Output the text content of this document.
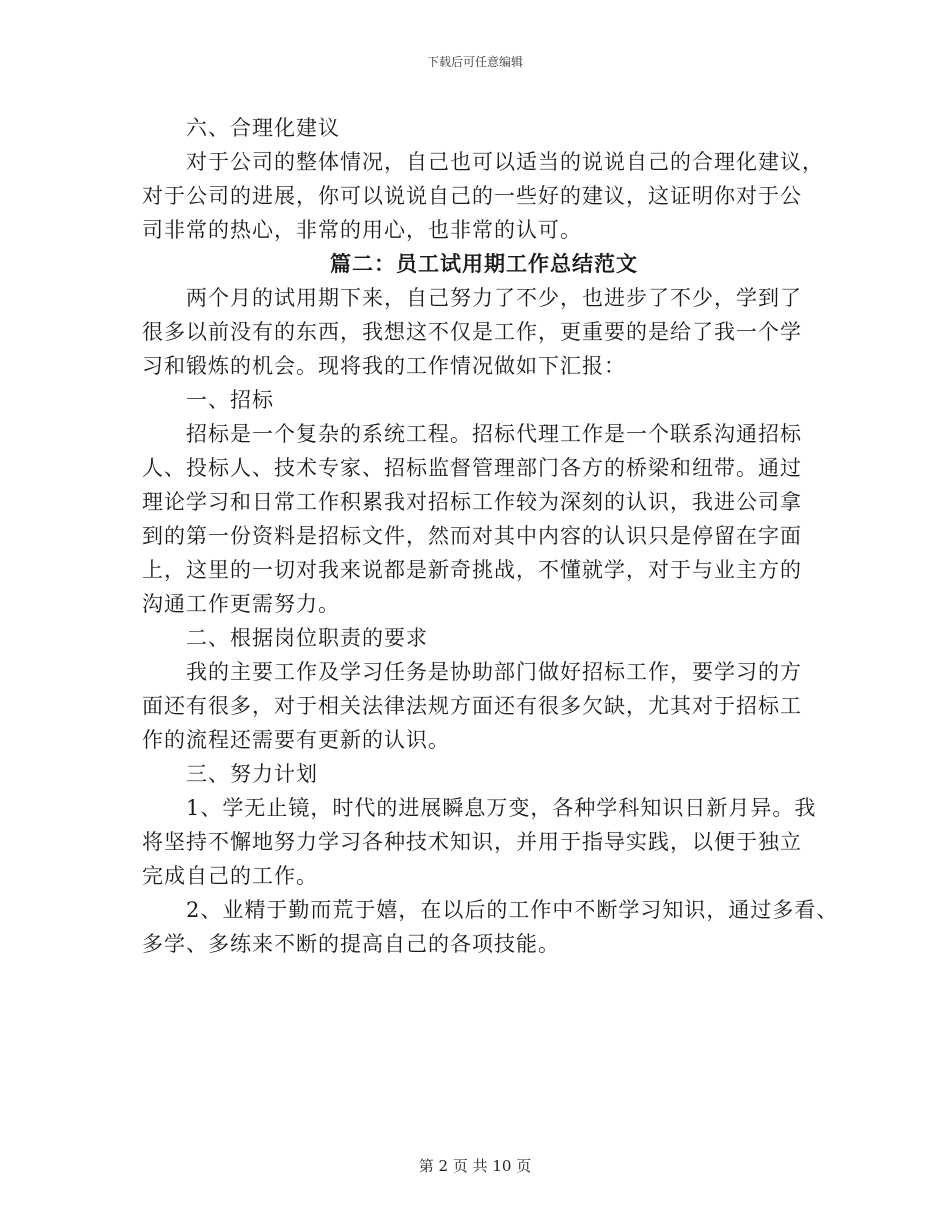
下载后可任意编辑
六、合理化建议
对于公司的整体情况，自己也可以适当的说说自己的合理化建议，
对于公司的进展，你可以说说自己的一些好的建议，这证明你对于公
司非常的热心，非常的用心，也非常的认可。
篇二：员工试用期工作总结范文
两个月的试用期下来，自己努力了不少，也进步了不少，学到了
很多以前没有的东西，我想这不仅是工作，更重要的是给了我一个学
习和锻炼的机会。现将我的工作情况做如下汇报：
一、招标
招标是一个复杂的系统工程。招标代理工作是一个联系沟通招标
人、投标人、技术专家、招标监督管理部门各方的桥梁和纽带。通过
理论学习和日常工作积累我对招标工作较为深刻的认识，我进公司拿
到的第一份资料是招标文件，然而对其中内容的认识只是停留在字面
上，这里的一切对我来说都是新奇挑战，不懂就学，对于与业主方的
沟通工作更需努力。
二、根据岗位职责的要求
我的主要工作及学习任务是协助部门做好招标工作，要学习的方
面还有很多，对于相关法律法规方面还有很多欠缺，尤其对于招标工
作的流程还需要有更新的认识。
三、努力计划
1、学无止镜，时代的进展瞬息万变，各种学科知识日新月异。我
将坚持不懈地努力学习各种技术知识，并用于指导实践，以便于独立
完成自己的工作。
2、业精于勤而荒于嬉，在以后的工作中不断学习知识，通过多看、
多学、多练来不断的提高自己的各项技能。
第 2 页 共 10 页
